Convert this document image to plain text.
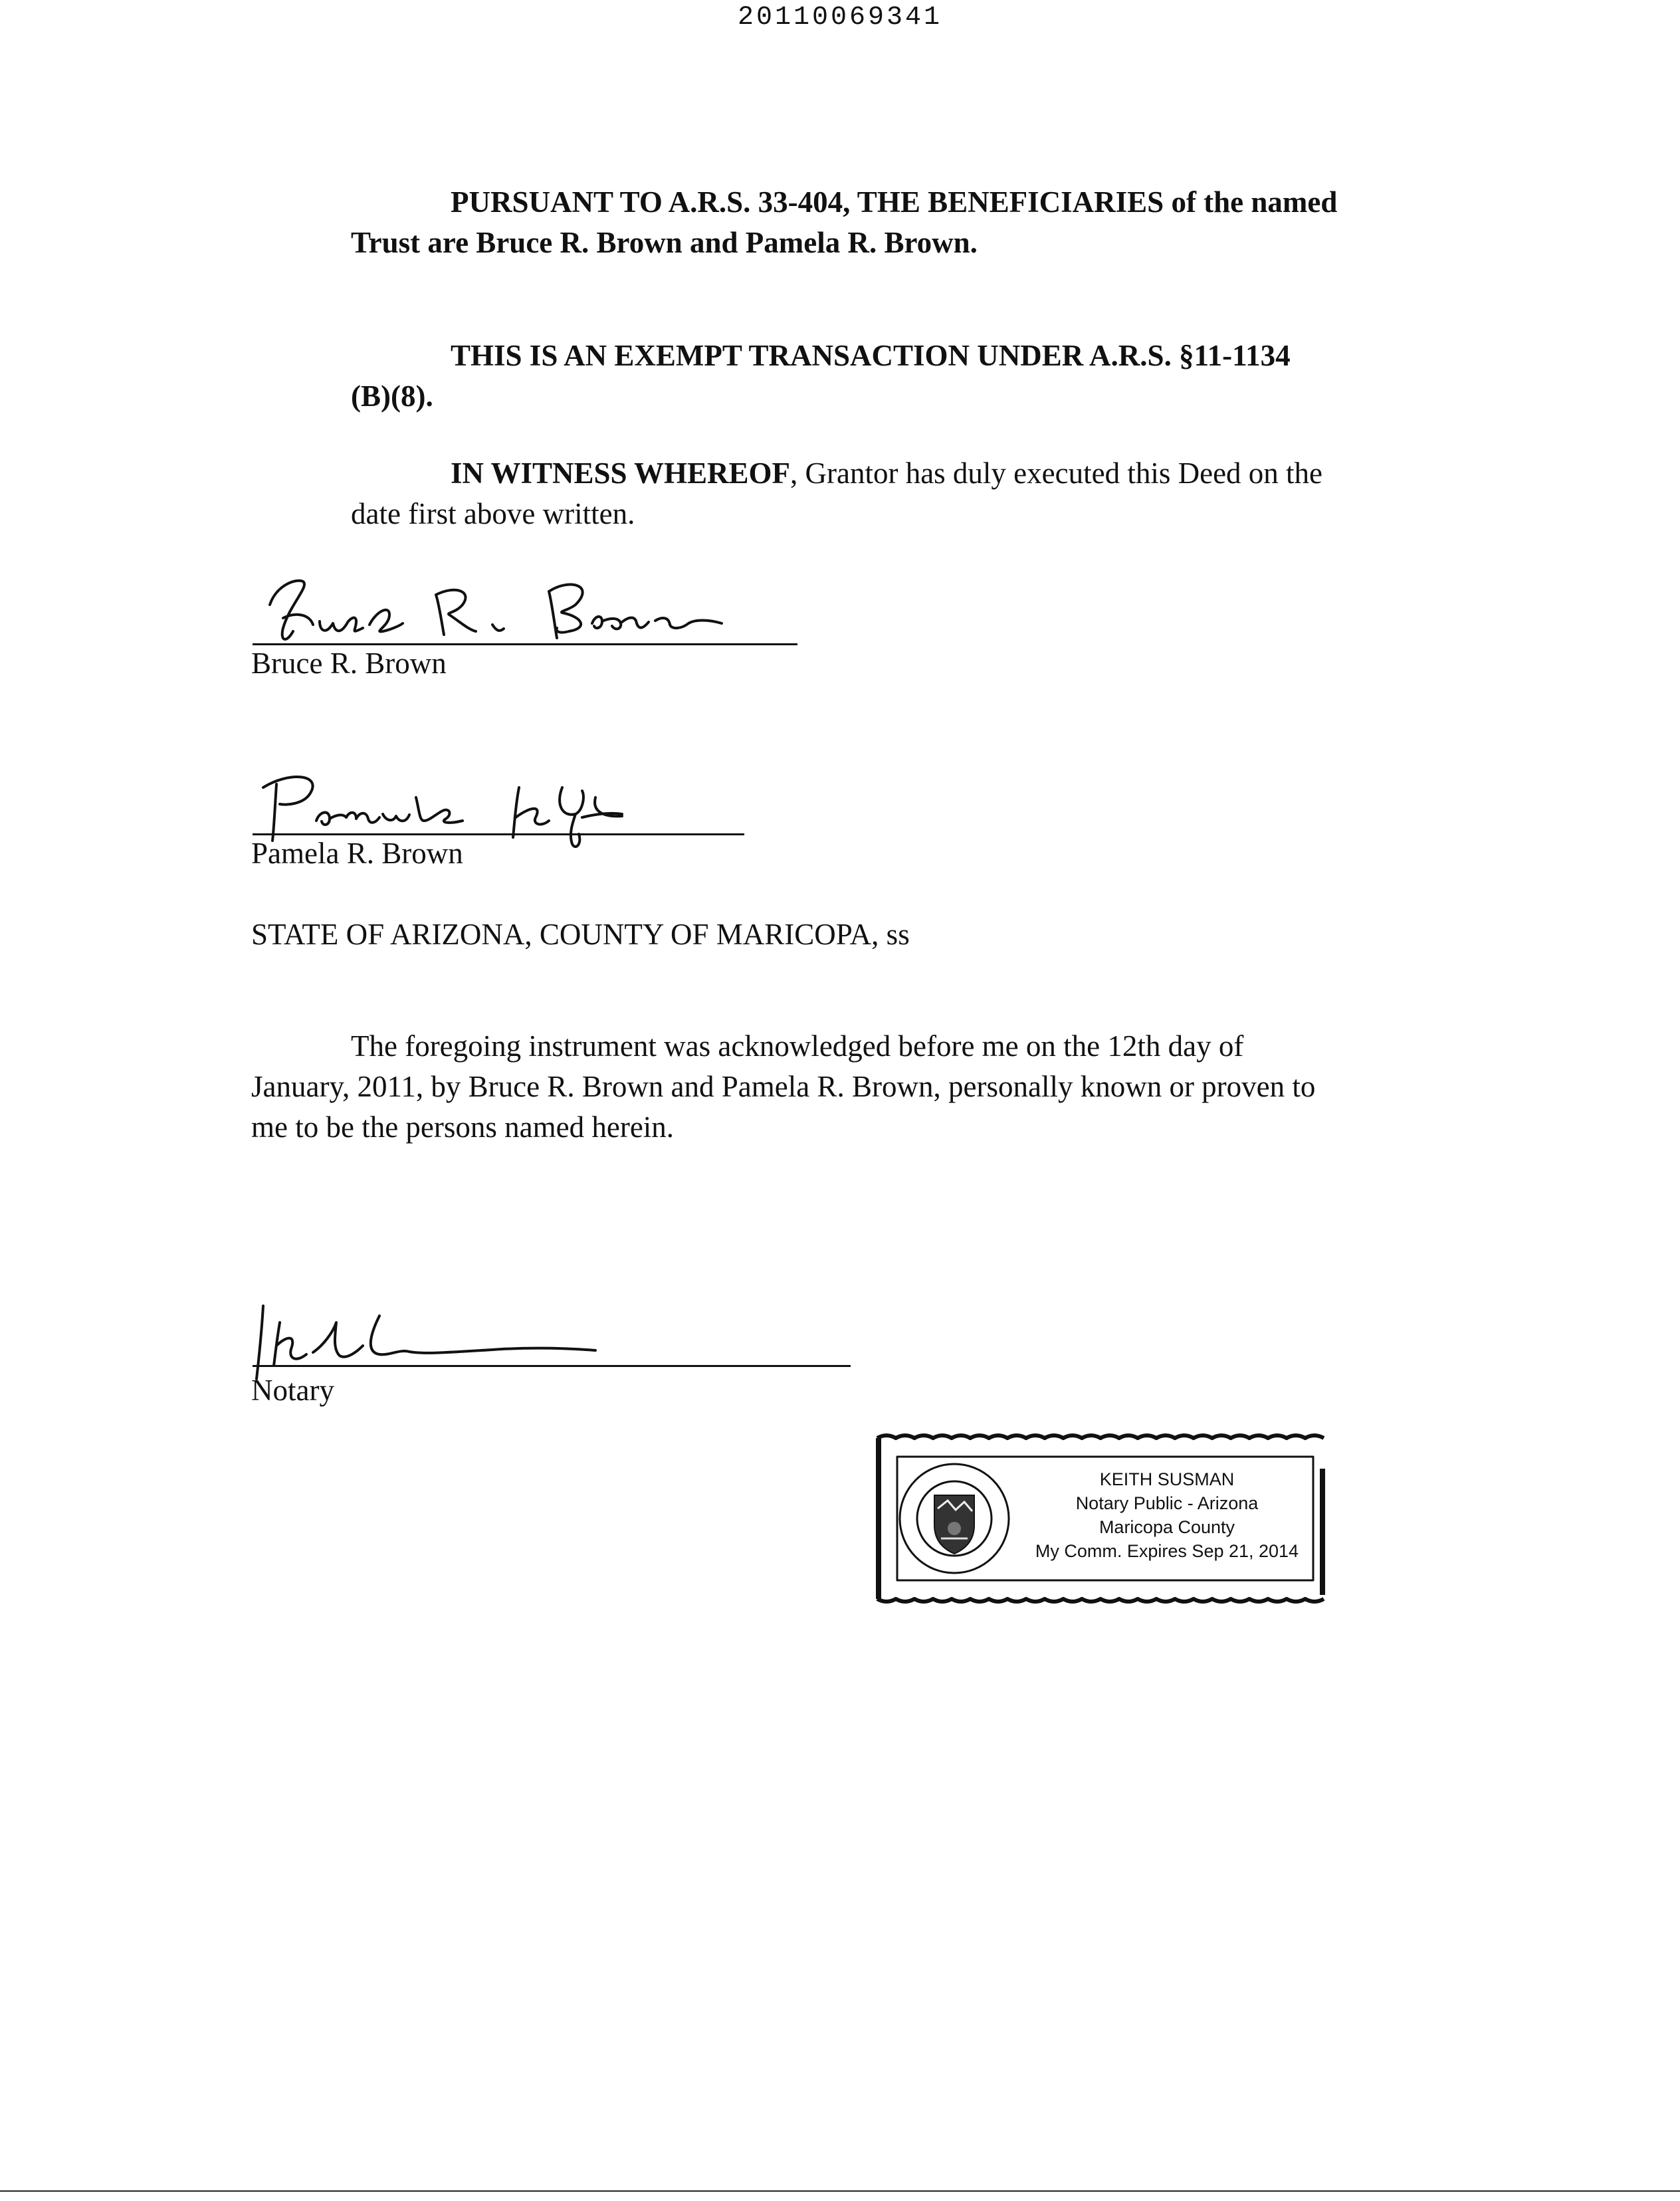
20110069341
PURSUANT TO A.R.S. 33-404, THE BENEFICIARIES of the named
Trust are Bruce R. Brown and Pamela R. Brown.
THIS IS AN EXEMPT TRANSACTION UNDER A.R.S. §11-1134
(B)(8).
IN WITNESS WHEREOF, Grantor has duly executed this Deed on the
date first above written.
Bruce R. Brown
Pamela R. Brown
STATE OF ARIZONA, COUNTY OF MARICOPA, ss
The foregoing instrument was acknowledged before me on the 12th day of
January, 2011, by Bruce R. Brown and Pamela R. Brown, personally known or proven to
me to be the persons named herein.
Notary
KEITH SUSMAN
Notary Public - Arizona
Maricopa County
My Comm. Expires Sep 21, 2014
